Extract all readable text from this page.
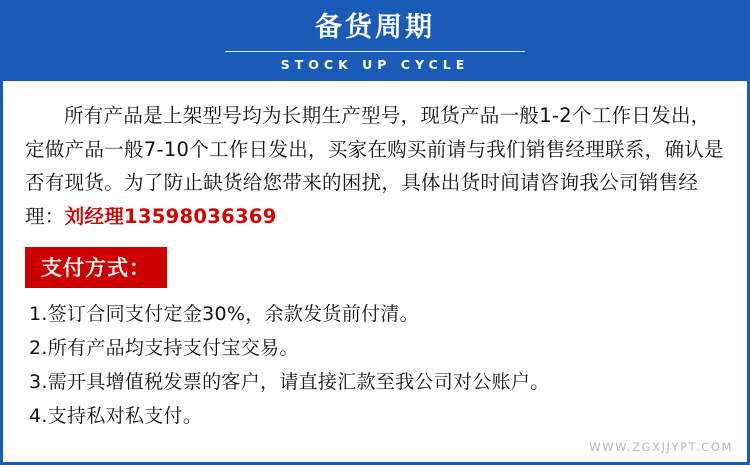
备货周期
STOCK UP CYCLE
所有产品是上架型号均为长期生产型号，现货产品一般1-2个工作日发出，定做产品一般7-10个工作日发出，买家在购买前请与我们销售经理联系，确认是否有现货。为了防止缺货给您带来的困扰，具体出货时间请咨询我公司销售经理：刘经理13598036369
支付方式：
1.签订合同支付定金30%，余款发货前付清。
2.所有产品均支持支付宝交易。
3.需开具增值税发票的客户，请直接汇款至我公司对公账户。
4.支持私对私支付。
WWW.ZGXJJYPT.COM
